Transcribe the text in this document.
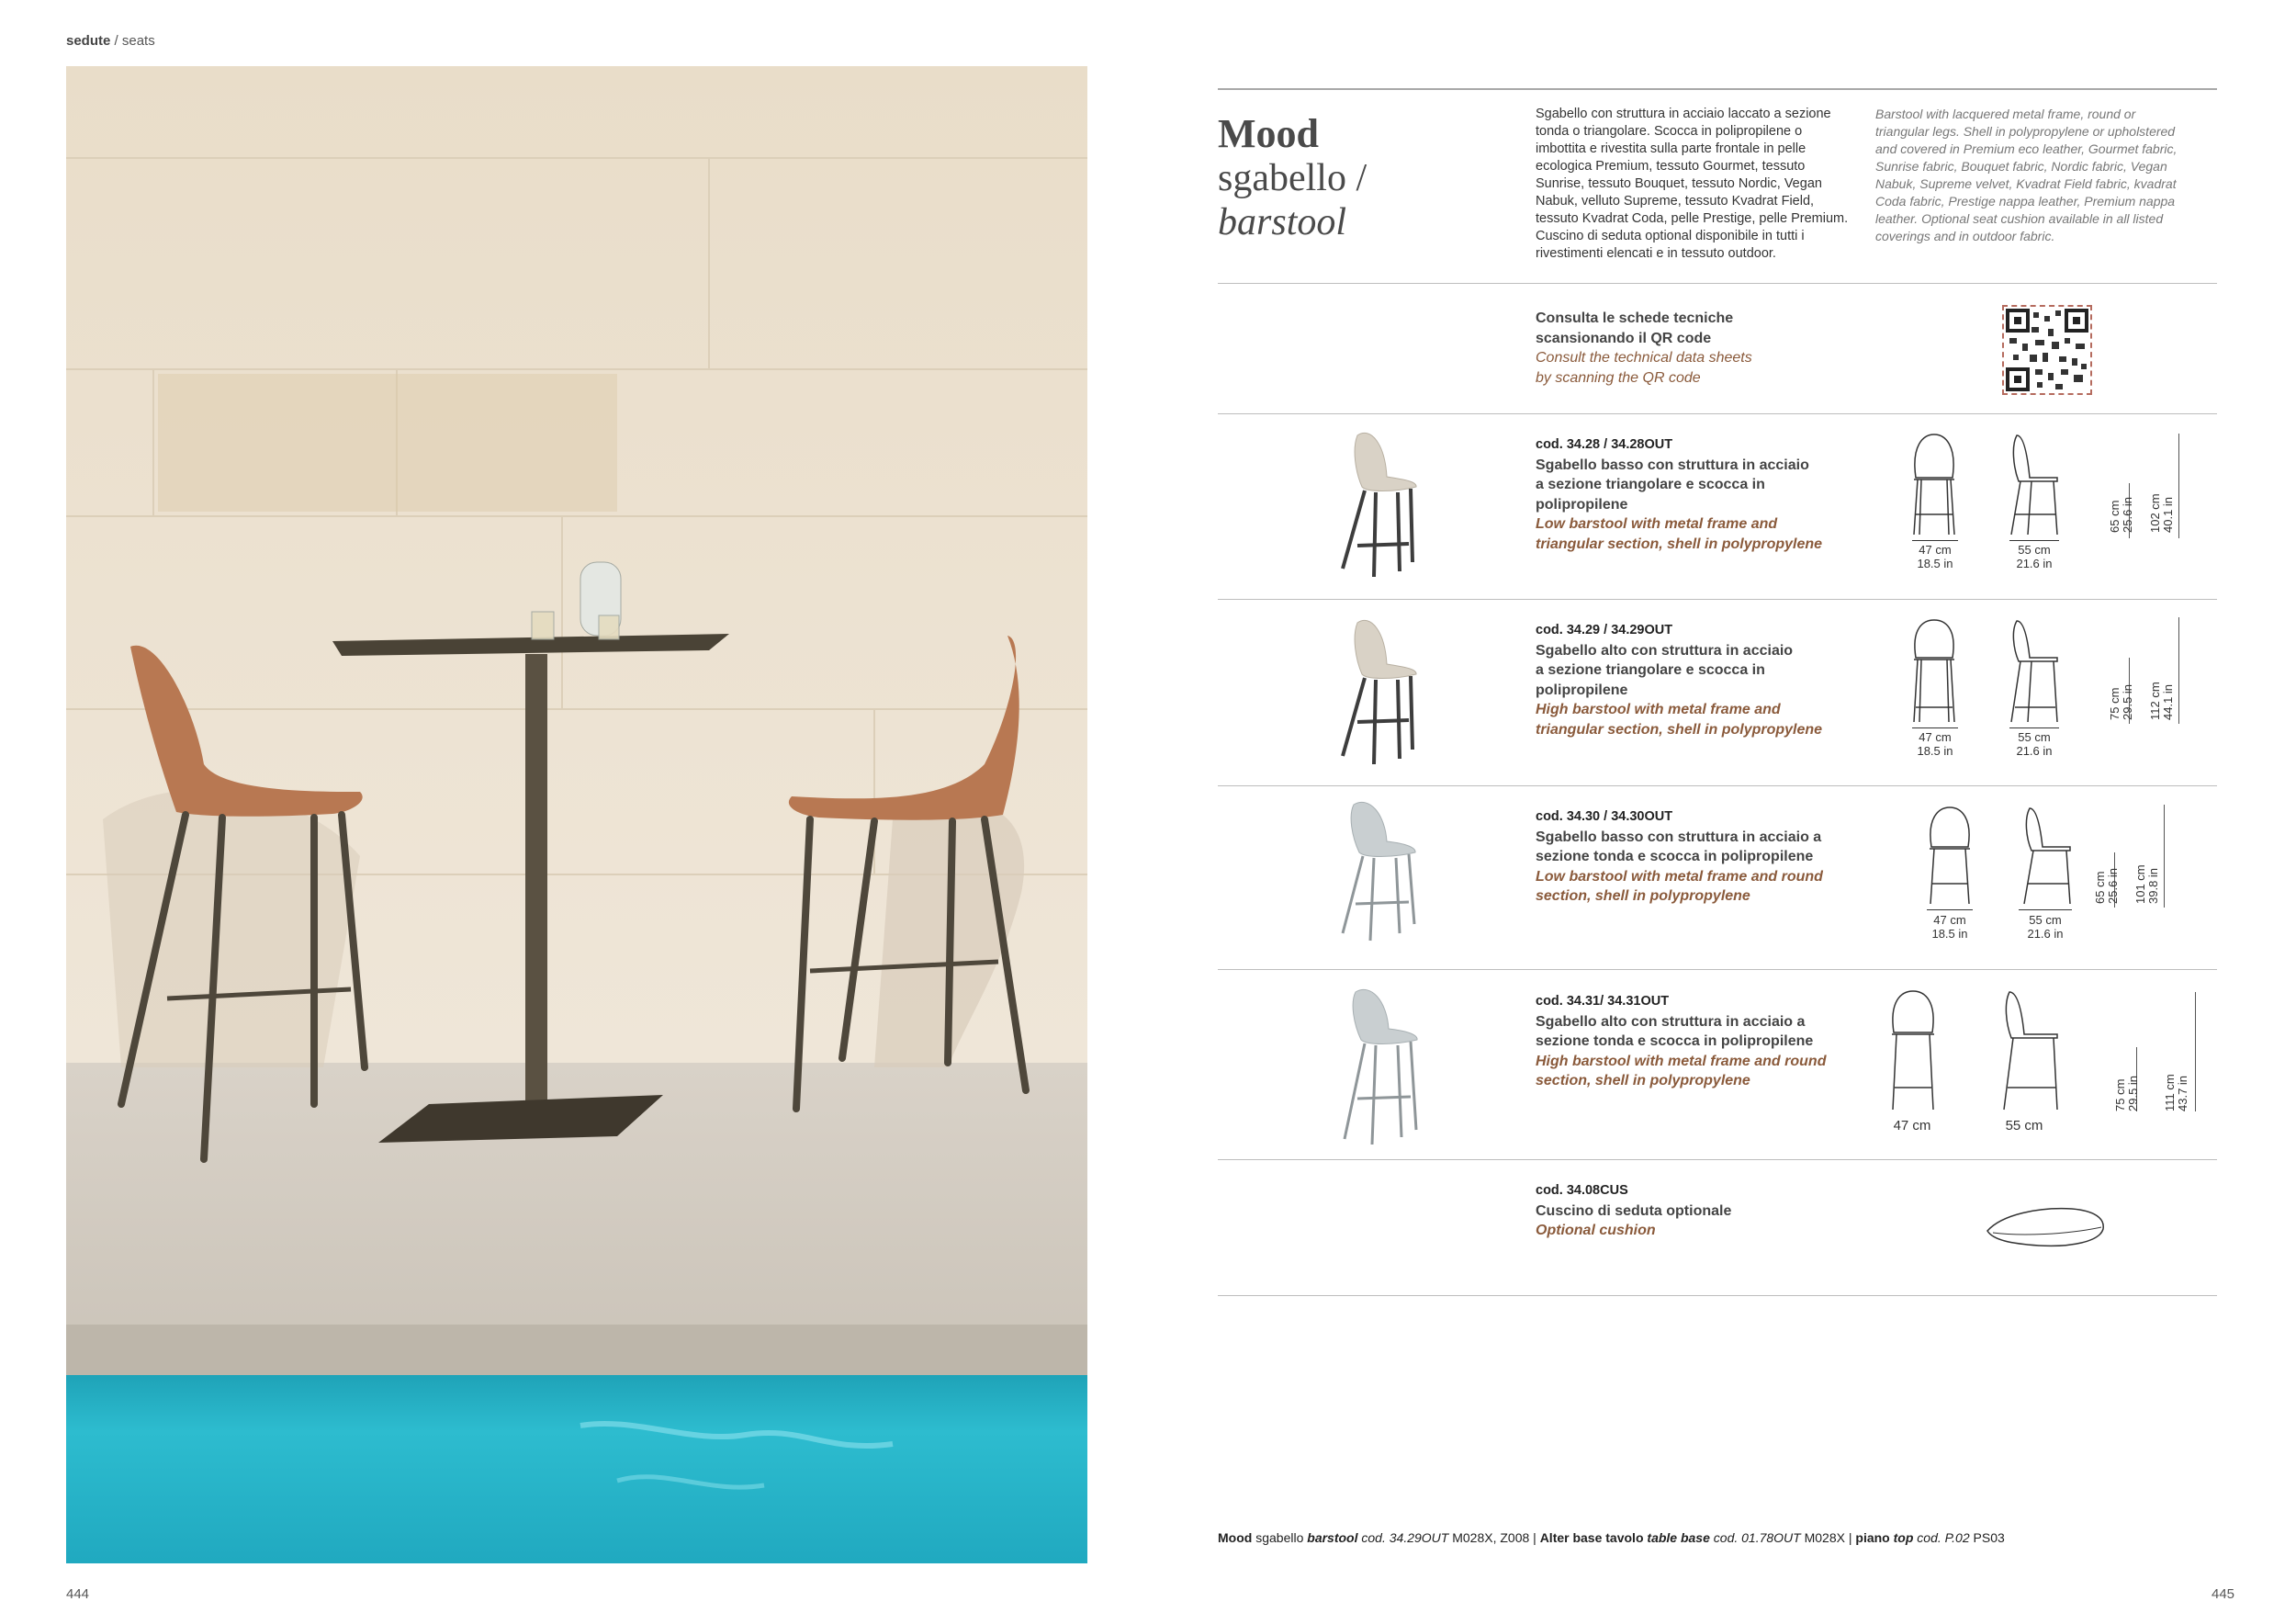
sedute / seats
444	445
Mood
sgabello /
barstool
Sgabello con struttura in acciaio laccato a sezione tonda o triangolare. Scocca in polipropilene o imbottita e rivestita sulla parte frontale in pelle ecologica Premium, tessuto Gourmet, tessuto Sunrise, tessuto Bouquet, tessuto Nordic, Vegan Nabuk, velluto Supreme, tessuto Kvadrat Field, tessuto Kvadrat Coda, pelle Prestige, pelle Premium. Cuscino di seduta optional disponibile in tutti i rivestimenti elencati e in tessuto outdoor.
Barstool with lacquered metal frame, round or triangular legs. Shell in polypropylene or upholstered and covered in Premium eco leather, Gourmet fabric, Sunrise fabric, Bouquet fabric, Nordic fabric, Vegan Nabuk, Supreme velvet, Kvadrat Field fabric, kvadrat Coda fabric, Prestige nappa leather, Premium nappa leather. Optional seat cushion available in all listed coverings and in outdoor fabric.
Consulta le schede tecniche
scansionando il QR code
Consult the technical data sheets
by scanning the QR code
cod. 34.28 / 34.28OUT
Sgabello basso con struttura in acciaio
a sezione triangolare e scocca in
polipropilene
Low barstool with metal frame and
triangular section, shell in polypropylene	47 cm
18.5 in
55 cm
21.6 in
65 cm
25.6 in 102 cm
40.1 in
cod. 34.29 / 34.29OUT
Sgabello alto con struttura in acciaio
a sezione triangolare e scocca in
polipropilene
High barstool with metal frame and
triangular section, shell in polypropylene	47 cm
18.5 in
55 cm
21.6 in
75 cm
29.5 in 112 cm
44.1 in
cod. 34.30 / 34.30OUT
Sgabello basso con struttura in acciaio a
sezione tonda e scocca in polipropilene
Low barstool with metal frame and round
section, shell in polypropylene
47 cm
18.5 in
55 cm
21.6 in
65 cm
25.6 in 101 cm
39.8 in
cod. 34.31/ 34.31OUT
Sgabello alto con struttura in acciaio a
sezione tonda e scocca in polipropilene
High barstool with metal frame and round
section, shell in polypropylene
47 cm	55 cm
75 cm
29.5 in 111 cm
43.7 in
cod. 34.08CUS
Cuscino di seduta optionale
Optional cushion
Mood sgabello barstool cod. 34.29OUT M028X, Z008 | Alter base tavolo table base cod. 01.78OUT M028X | piano top cod. P.02 PS03
